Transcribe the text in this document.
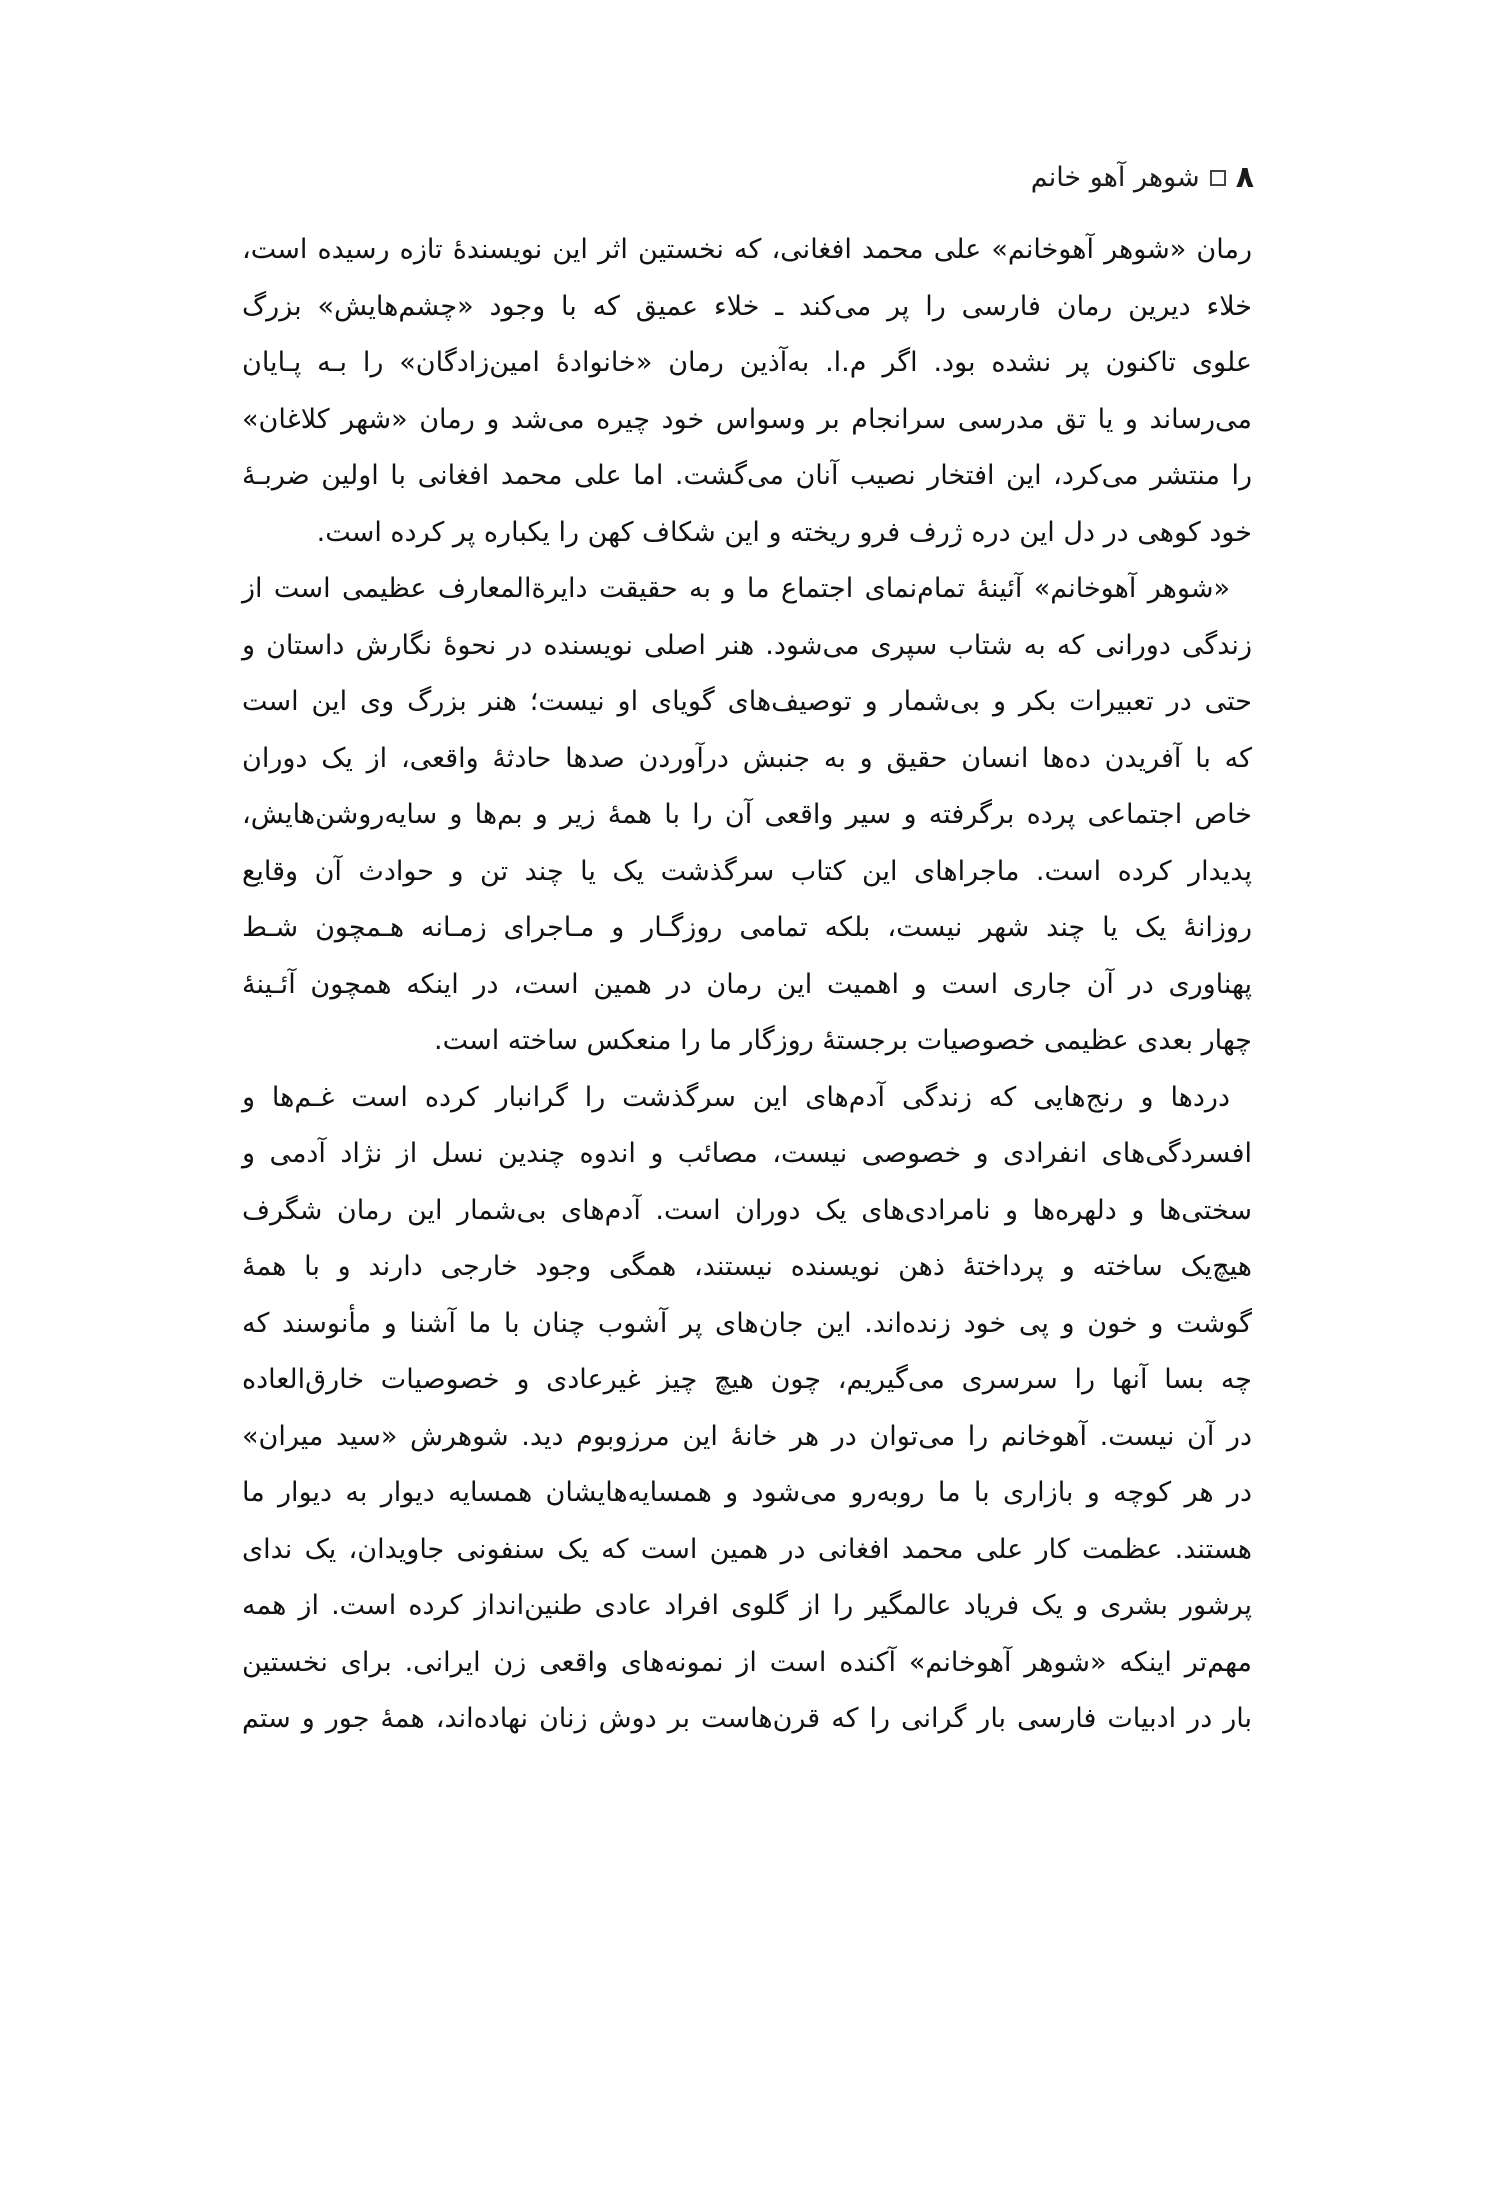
۸
شوهر آهو خانم
رمان «شوهر آهوخانم» علی محمد افغانی، که نخستین اثر این نویسندهٔ تازه رسیده است،
خلاء دیرین رمان فارسی را پر می‌کند ـ خلاء عمیق که با وجود «چشم‌هایش» بزرگ
علوی تاکنون پر نشده بود. اگر م.ا. به‌آذین رمان «خانوادهٔ امین‌زادگان» را بـه پـایان
می‌رساند و یا تق مدرسی سرانجام بر وسواس خود چیره می‌شد و رمان «شهر کلاغان»
را منتشر می‌کرد، این افتخار نصیب آنان می‌گشت. اما علی محمد افغانی با اولین ضربـهٔ
خود کوهی در دل این دره ژرف فرو ریخته و این شکاف کهن را یکباره پر کرده است.
«شوهر آهوخانم» آئینهٔ تمام‌نمای اجتماع ما و به حقیقت دایرة‌المعارف عظیمی است از
زندگی دورانی که به شتاب سپری می‌شود. هنر اصلی نویسنده در نحوهٔ نگارش داستان و
حتی در تعبیرات بکر و بی‌شمار و توصیف‌های گویای او نیست؛ هنر بزرگ وی این است
که با آفریدن ده‌ها انسان حقیق و به جنبش درآوردن صدها حادثهٔ واقعی، از یک دوران
خاص اجتماعی پرده برگرفته و سیر واقعی آن را با همهٔ زیر و بم‌ها و سایه‌روشن‌هایش،
پدیدار کرده است. ماجراهای این کتاب سرگذشت یک یا چند تن و حوادث آن وقایع
روزانهٔ یک یا چند شهر نیست، بلکه تمامی روزگـار و مـاجرای زمـانه هـمچون شـط
پهناوری در آن جاری است و اهمیت این رمان در همین است، در اینکه همچون آئـینهٔ
چهار بعدی عظیمی خصوصیات برجستهٔ روزگار ما را منعکس ساخته است.
دردها و رنج‌هایی که زندگی آدم‌های این سرگذشت را گرانبار کرده است غـم‌ها و
افسردگی‌های انفرادی و خصوصی نیست، مصائب و اندوه چندین نسل از نژاد آدمی و
سختی‌ها و دلهره‌ها و نامرادی‌های یک دوران است. آدم‌های بی‌شمار این رمان شگرف
هیچ‌یک ساخته و پرداختهٔ ذهن نویسنده نیستند، همگی وجود خارجی دارند و با همهٔ
گوشت و خون و پی خود زنده‌اند. این جان‌های پر آشوب چنان با ما آشنا و مأنوسند که
چه بسا آنها را سرسری می‌گیریم، چون هیچ چیز غیرعادی و خصوصیات خارق‌العاده
در آن نیست. آهوخانم را می‌توان در هر خانهٔ این مرزوبوم دید. شوهرش «سید میران»
در هر کوچه و بازاری با ما روبه‌رو می‌شود و همسایه‌هایشان همسایه دیوار به دیوار ما
هستند. عظمت کار علی محمد افغانی در همین است که یک سنفونی جاویدان، یک ندای
پرشور بشری و یک فریاد عالمگیر را از گلوی افراد عادی طنین‌انداز کرده است. از همه
مهم‌تر اینکه «شوهر آهوخانم» آکنده است از نمونه‌های واقعی زن ایرانی. برای نخستین
بار در ادبیات فارسی بار گرانی را که قرن‌هاست بر دوش زنان نهاده‌اند، همهٔ جور و ستم
